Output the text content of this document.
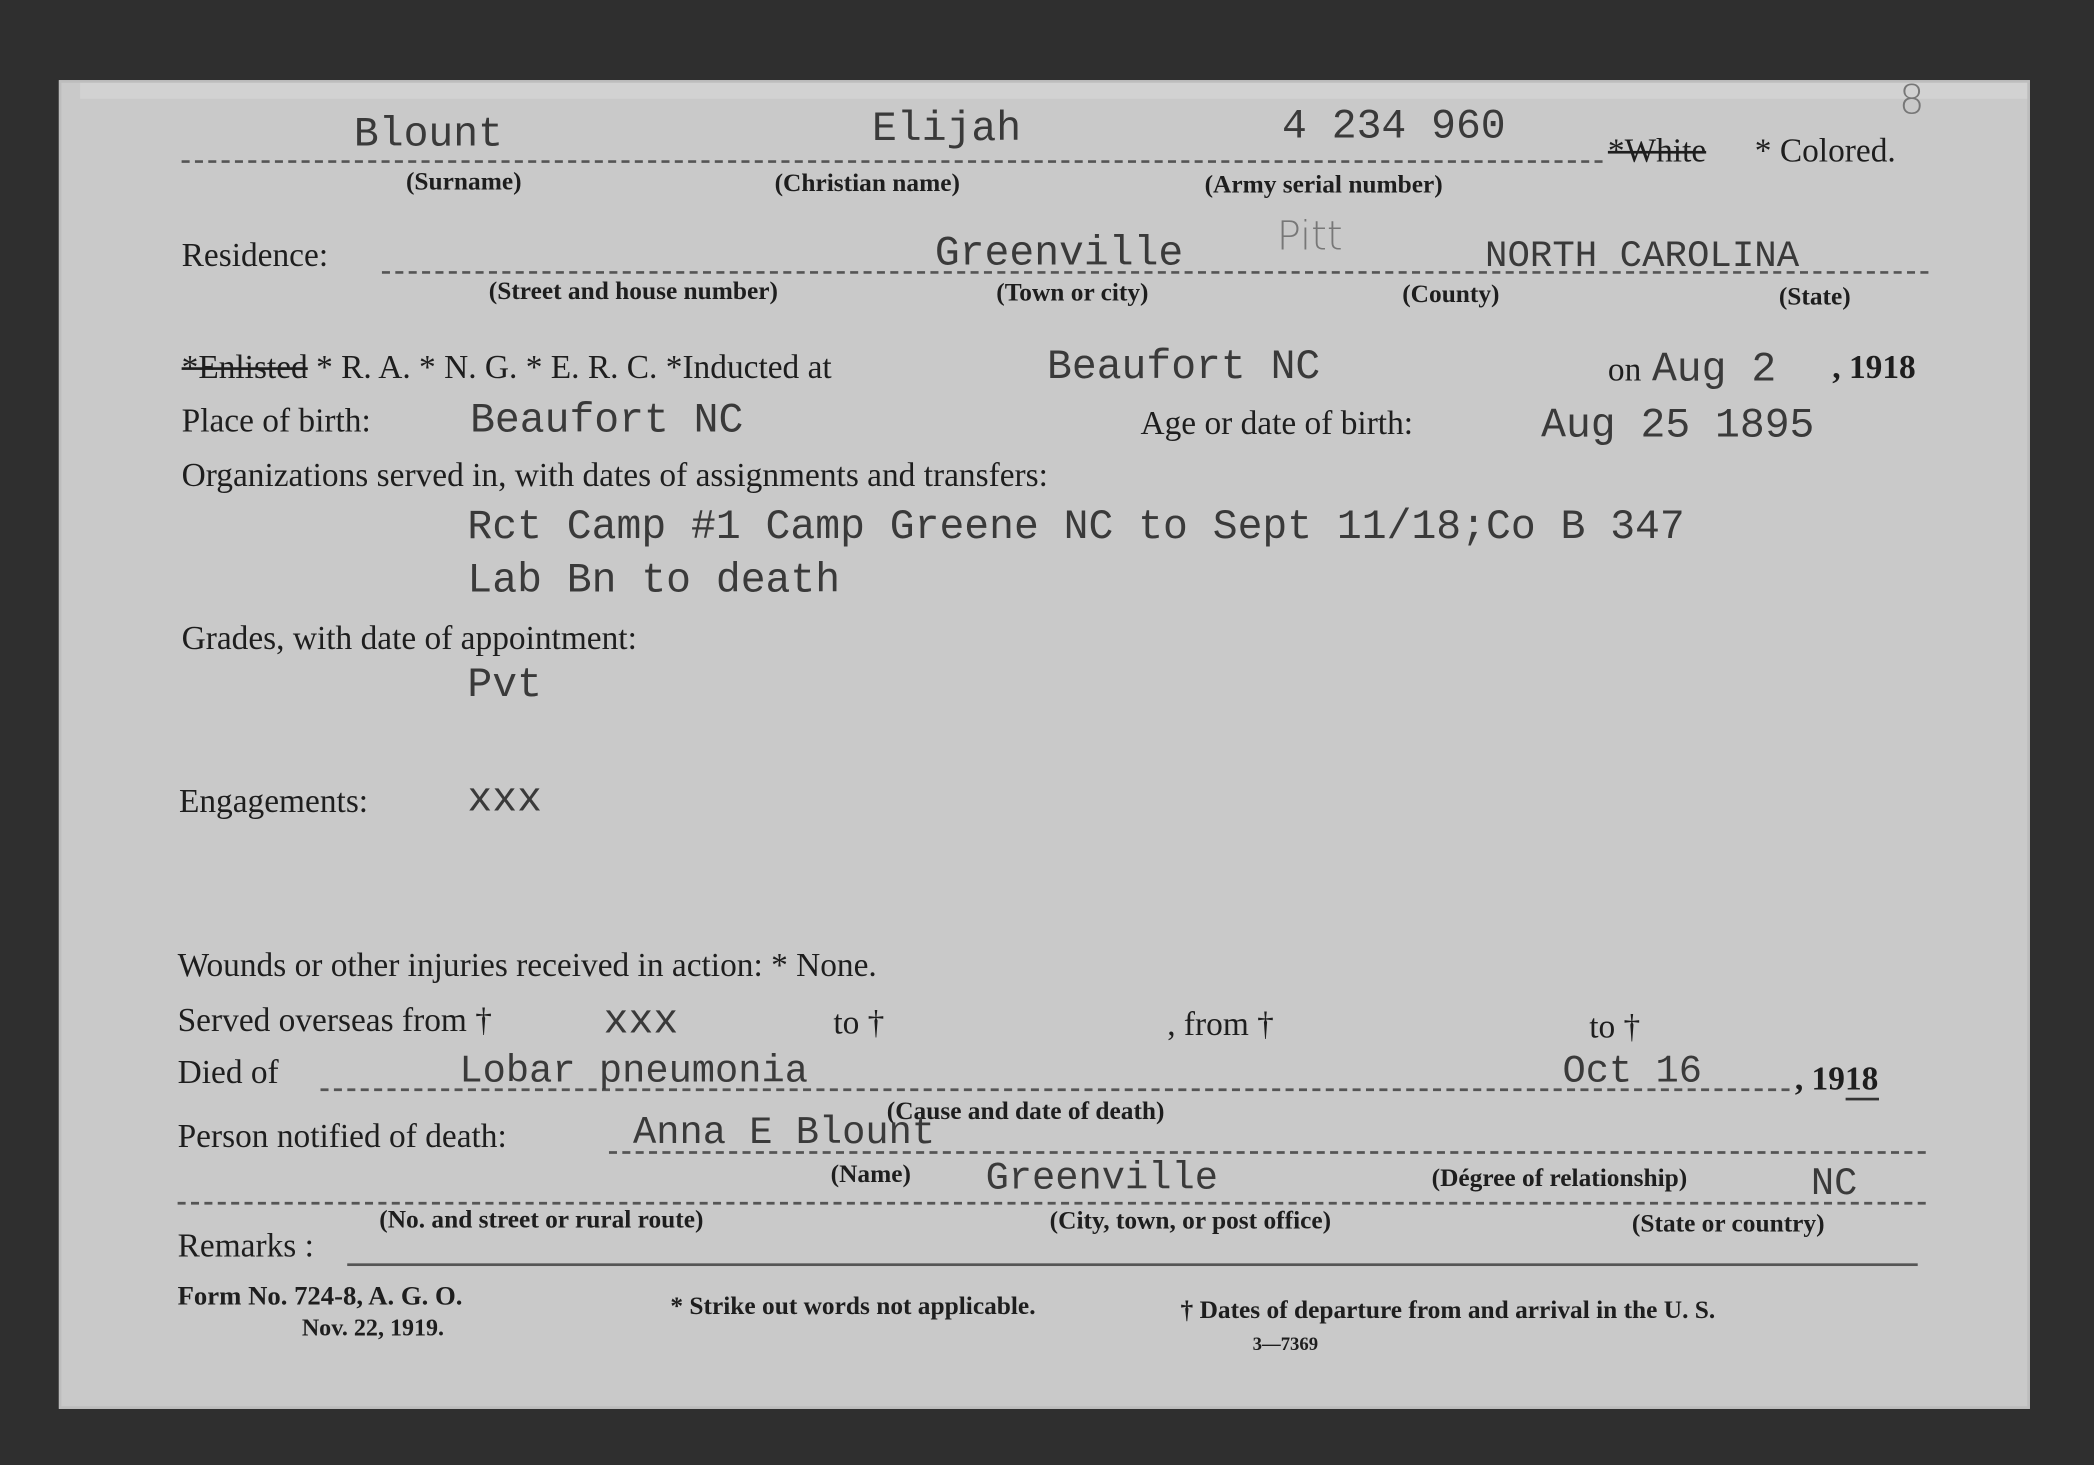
8
Blount	Elijah	4 234 960
*White * Colored.
(Surname)	(Christian name)	(Army serial number)
Residence:	Greenville	Pitt	NORTH CAROLINA
(Street and house number)	(Town or city)	(County)	(State)
*Enlisted * R. A. * N. G. * E. R. C. *Inducted at	Beaufort NC	on Aug 2 , 1918
Place of birth:	Beaufort NC	Age or date of birth:	Aug 25 1895
Organizations served in, with dates of assignments and transfers:
Rct Camp #1 Camp Greene NC to Sept 11/18;Co B 347
Lab Bn to death
Grades, with date of appointment:
Pvt
Engagements:	xxx
Wounds or other injuries received in action: * None.
Served overseas from †	xxx	to †	, from †	to †
Died of	Lobar pneumonia	Oct 16	, 1918
(Cause and date of death)
Person notified of death:	Anna E Blount
(Name)	Greenville	(Dégree of relationship)	NC
(No. and street or rural route)	(City, town, or post office)	(State or country)
Remarks :
Form No. 724-8, A. G. O.
Nov. 22, 1919.
* Strike out words not applicable.	† Dates of departure from and arrival in the U. S.
3—7369
